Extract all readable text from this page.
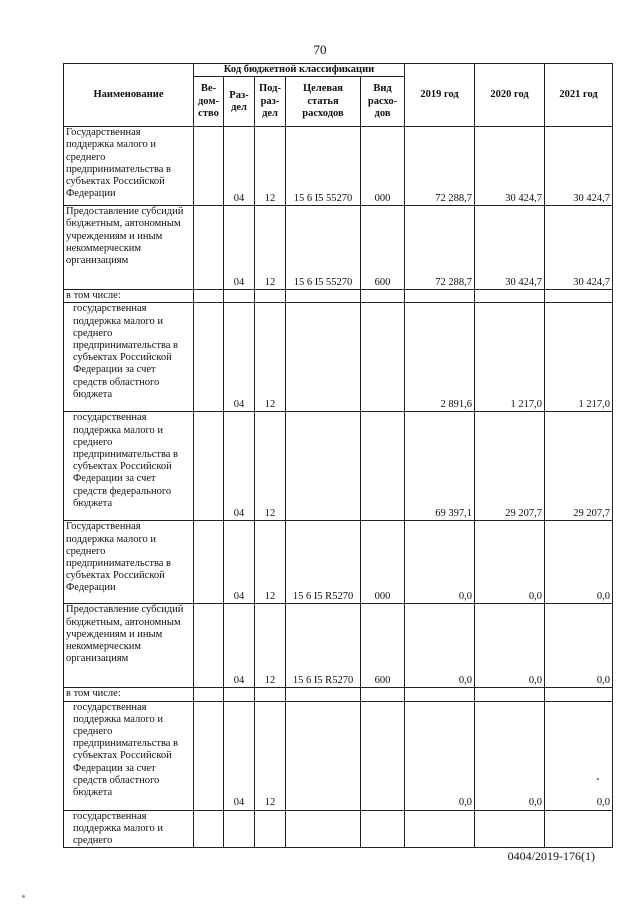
70
Наименование	Код бюджетной классификации					2019 год	2020 год	2021 год
	Ве-дом-ство	Раз-дел	Под-раз-дел	Целевая статья расходов	Вид расхо-дов			
Государственная поддержка малого и среднего предпринимательства в субъектах Российской Федерации		04	12	15 6 I5 55270	000	72 288,7	30 424,7	30 424,7
Предоставление субсидий бюджетным, автономным учреждениям и иным некоммерческим организациям		04	12	15 6 I5 55270	600	72 288,7	30 424,7	30 424,7
в том числе:								
государственная поддержка малого и среднего предпринимательства в субъектах Российской Федерации за счет средств областного бюджета		04	12			2 891,6	1 217,0	1 217,0
государственная поддержка малого и среднего предпринимательства в субъектах Российской Федерации за счет средств федерального бюджета		04	12			69 397,1	29 207,7	29 207,7
Государственная поддержка малого и среднего предпринимательства в субъектах Российской Федерации		04	12	15 6 I5 R5270	000	0,0	0,0	0,0
Предоставление субсидий бюджетным, автономным учреждениям и иным некоммерческим организациям		04	12	15 6 I5 R5270	600	0,0	0,0	0,0
в том числе:								
государственная поддержка малого и среднего предпринимательства в субъектах Российской Федерации за счет средств областного бюджета		04	12			0,0	0,0	0,0
государственная поддержка малого и среднего								
0404/2019-176(1)
